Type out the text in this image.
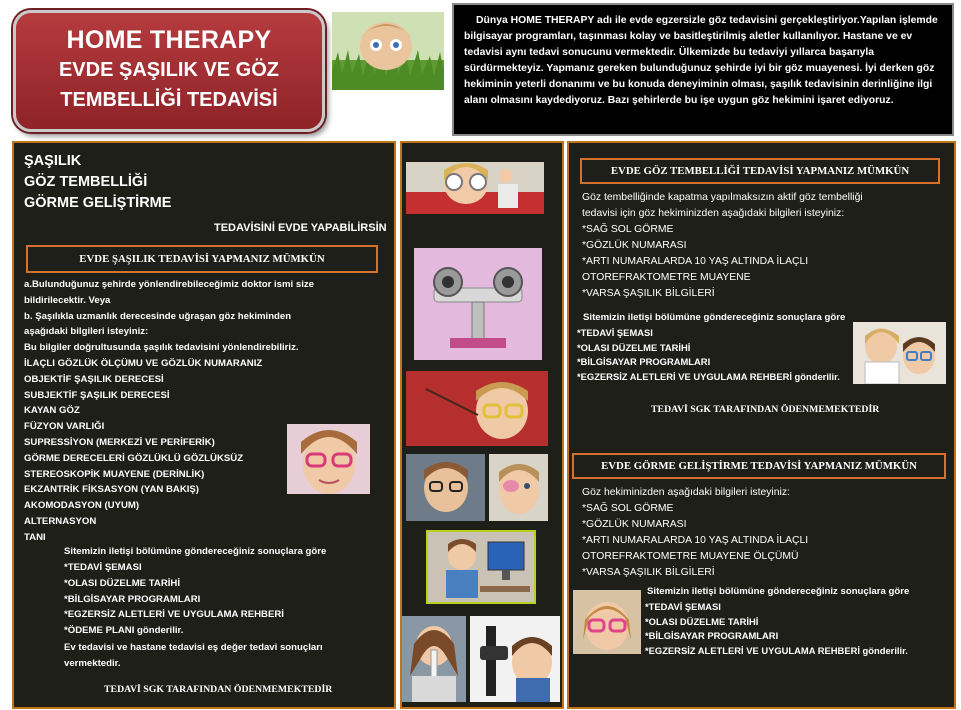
HOME THERAPY
EVDE ŞAŞILIK VE GÖZ
TEMBELLİĞİ TEDAVİSİ
Dünya HOME THERAPY adı ile evde egzersizle göz tedavisini gerçekleştiriyor.Yapılan işlemde bilgisayar programları, taşınması kolay ve basitleştirilmiş aletler kullanılıyor. Hastane ve ev tedavisi aynı tedavi sonucunu vermektedir. Ülkemizde bu tedaviyi yıllarca başarıyla sürdürmekteyiz. Yapmanız gereken bulunduğunuz şehirde iyi bir göz muayenesi. İyi derken göz hekiminin yeterli donanımı ve bu konuda deneyiminin olması, şaşılık tedavisinin derinliğine ilgi alanı olmasını kaydediyoruz. Bazı şehirlerde bu işe uygun göz hekimini işaret ediyoruz.
ŞAŞILIK
GÖZ TEMBELLİĞİ
GÖRME GELİŞTİRME
TEDAVİSİNİ EVDE YAPABİLİRSİN
EVDE ŞAŞILIK TEDAVİSİ YAPMANIZ MÜMKÜN
a.Bulunduğunuz şehirde yönlendirebileceğimiz doktor ismi size
bildirilecektir. Veya
b. Şaşılıkla uzmanlık derecesinde uğraşan göz hekiminden
aşağıdaki bilgileri isteyiniz:
Bu bilgiler doğrultusunda şaşılık tedavisini yönlendirebiliriz.
İLAÇLI GÖZLÜK ÖLÇÜMU VE GÖZLÜK NUMARANIZ
OBJEKTİF ŞAŞILIK DERECESİ
SUBJEKTİF ŞAŞILIK DERECESİ
KAYAN GÖZ
FÜZYON VARLIĞI
SUPRESSİYON (MERKEZİ VE PERİFERİK)
GÖRME DERECELERİ GÖZLÜKLÜ GÖZLÜKSÜZ
STEREOSKOPİK MUAYENE (DERİNLİK)
EKZANTRİK FİKSASYON (YAN BAKIŞ)
AKOMODASYON (UYUM)
ALTERNASYON
TANI
Sitemizin iletişi bölümüne göndereceğiniz sonuçlara göre
*TEDAVİ ŞEMASI
*OLASI DÜZELME TARİHİ
*BİLGİSAYAR PROGRAMLARI
*EGZERSİZ ALETLERİ VE UYGULAMA REHBERİ
*ÖDEME PLANI gönderilir.
Ev tedavisi ve hastane tedavisi eş değer tedavi sonuçları
vermektedir.
TEDAVİ SGK TARAFINDAN ÖDENMEMEKTEDİR
EVDE GÖZ TEMBELLİĞİ TEDAVİSİ YAPMANIZ MÜMKÜN
Göz tembelliğinde kapatma yapılmaksızın aktif göz tembelliği
tedavisi için göz hekiminizden aşağıdaki bilgileri isteyiniz:
*SAĞ SOL GÖRME
*GÖZLÜK NUMARASI
*ARTI NUMARALARDA 10 YAŞ ALTINDA İLAÇLI
OTOREFRAKTOMETRE MUAYENE
*VARSA ŞAŞILIK BİLGİLERİ
Sitemizin iletişi bölümüne göndereceğiniz sonuçlara göre
*TEDAVİ ŞEMASI
*OLASI DÜZELME TARİHİ
*BİLGİSAYAR PROGRAMLARI
*EGZERSİZ ALETLERİ VE UYGULAMA REHBERİ gönderilir.
TEDAVİ SGK TARAFINDAN ÖDENMEMEKTEDİR
EVDE GÖRME GELİŞTİRME TEDAVİSİ YAPMANIZ MÜMKÜN
Göz hekiminizden aşağıdaki bilgileri isteyiniz:
*SAĞ SOL GÖRME
*GÖZLÜK NUMARASI
*ARTI NUMARALARDA 10 YAŞ ALTINDA İLAÇLI
OTOREFRAKTOMETRE MUAYENE ÖLÇÜMÜ
*VARSA ŞAŞILIK BİLGİLERİ
Sitemizin iletişi bölümüne göndereceğiniz sonuçlara göre
*TEDAVİ ŞEMASI
*OLASI DÜZELME TARİHİ
*BİLGİSAYAR PROGRAMLARI
*EGZERSİZ ALETLERİ VE UYGULAMA REHBERİ gönderilir.
